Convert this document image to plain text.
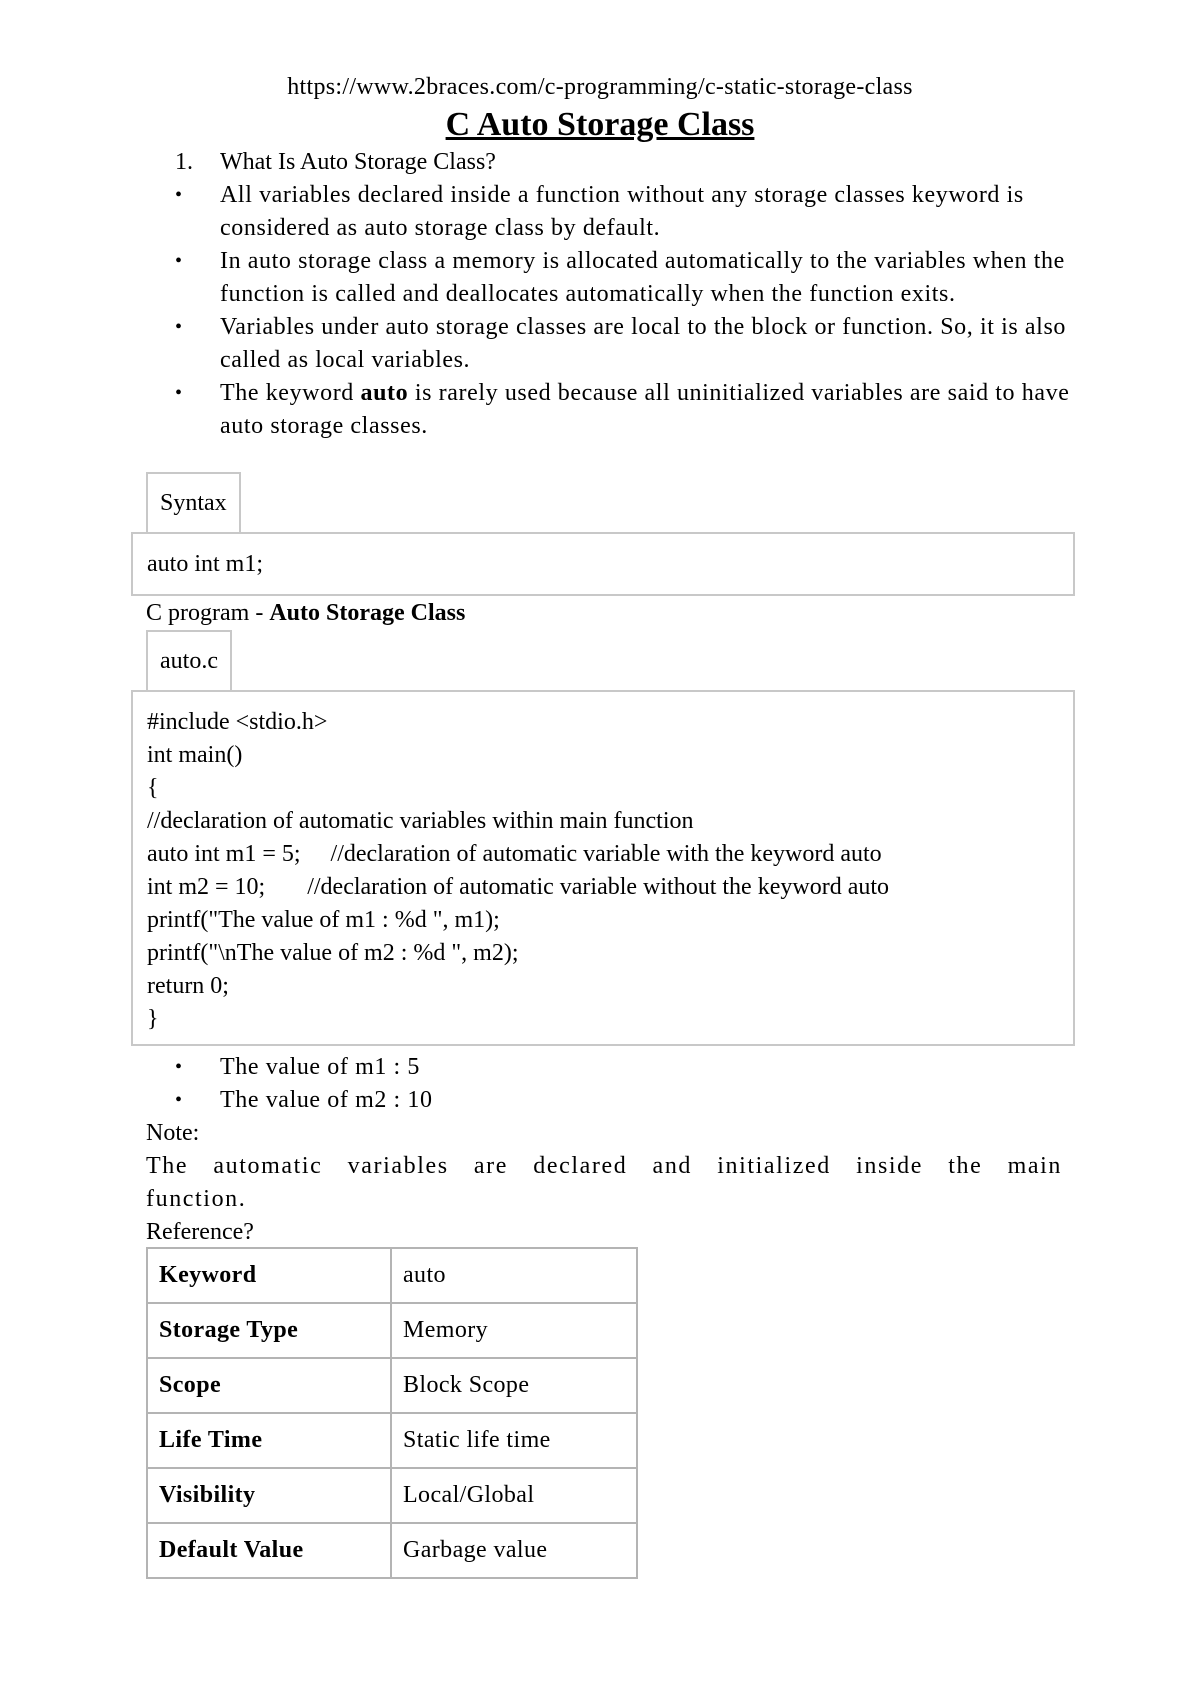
https://www.2braces.com/c-programming/c-static-storage-class
C Auto Storage Class
1.	What Is Auto Storage Class?
•	All variables declared inside a function without any storage classes keyword is considered as auto storage class by default.
•	In auto storage class a memory is allocated automatically to the variables when the function is called and deallocates automatically when the function exits.
•	Variables under auto storage classes are local to the block or function. So, it is also called as local variables.
•	The keyword auto is rarely used because all uninitialized variables are said to have auto storage classes.
Syntax
auto int m1;
C program - Auto Storage Class
auto.c
#include <stdio.h>
int main()
{
//declaration of automatic variables within main function
auto int m1 = 5;     //declaration of automatic variable with the keyword auto
int m2 = 10;       //declaration of automatic variable without the keyword auto
printf("The value of m1 : %d ", m1);
printf("\nThe value of m2 : %d ", m2);
return 0;
}
•	The value of m1 : 5
•	The value of m2 : 10
Note:
The automatic variables are declared and initialized inside the main
function.
Reference?
Keyword	auto
Storage Type	Memory
Scope	Block Scope
Life Time	Static life time
Visibility	Local/Global
Default Value	Garbage value
